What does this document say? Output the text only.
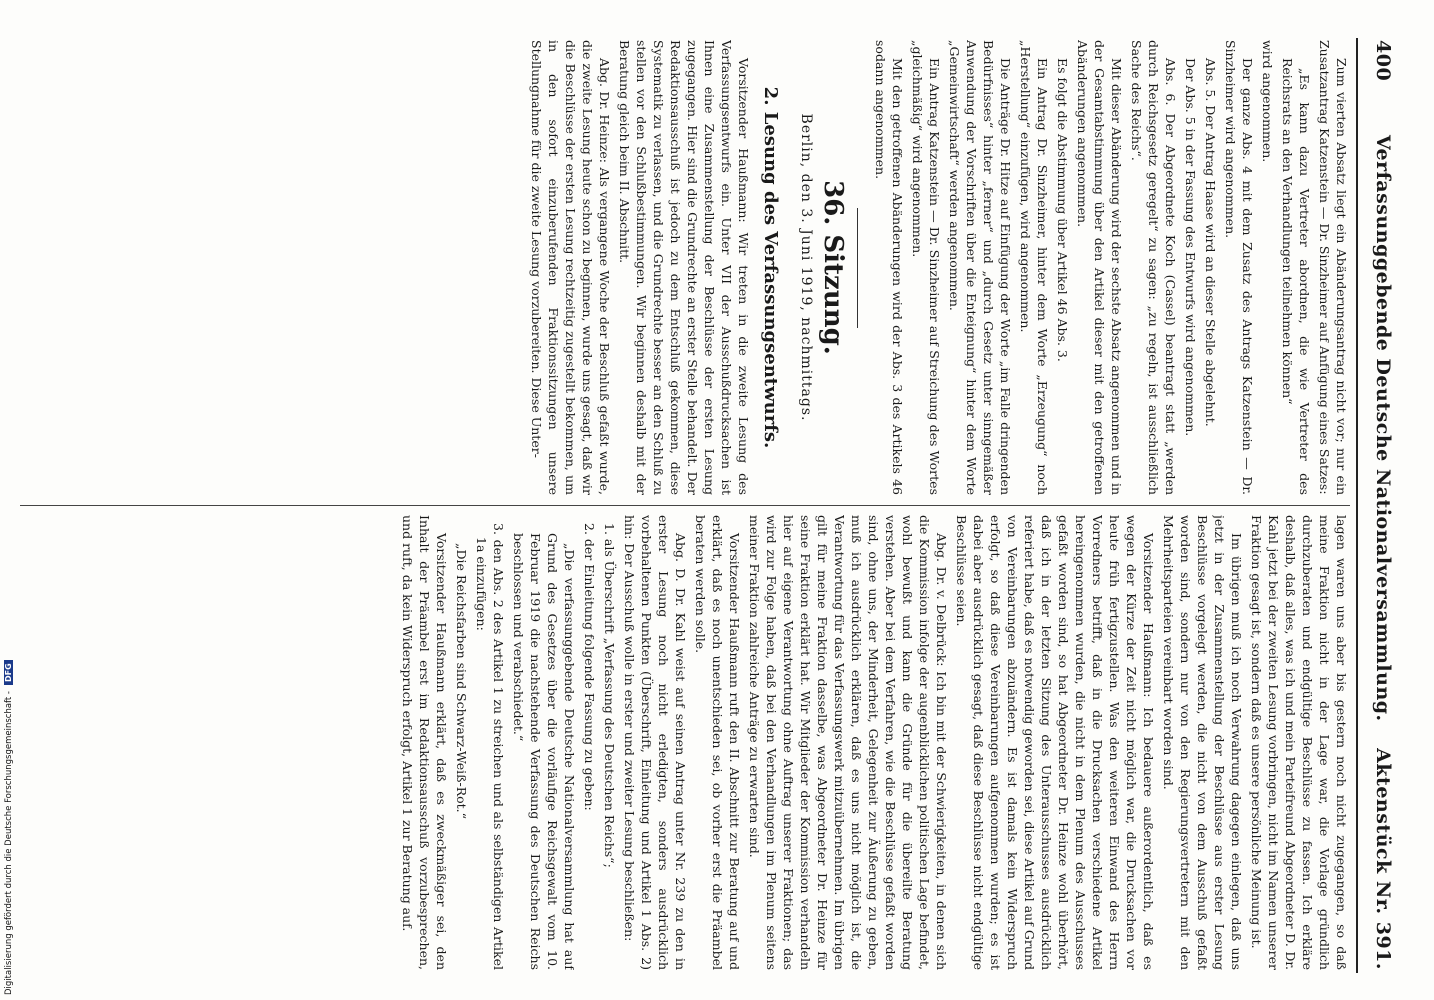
400
Verfassunggebende Deutsche Nationalversammlung.
Aktenstück Nr. 391.

Zum vierten Absatz liegt ein Abänderungsantrag nicht vor; nur ein Zusatzantrag Katzenstein — Dr. Sinzheimer auf Anfügung eines Satzes:

„Es kann dazu Vertreter abordnen, die wie Vertreter des Reichsrats an den Verhandlungen teilnehmen können“

wird angenommen.

Der ganze Abs. 4 mit dem Zusatz des Antrags Katzenstein — Dr. Sinzheimer wird angenommen.

Abs. 5. Der Antrag Haase wird an dieser Stelle abgelehnt.

Der Abs. 5 in der Fassung des Entwurfs wird angenommen.

Abs. 6. Der Abgeordnete Koch (Cassel) beantragt statt „werden durch Reichsgesetz geregelt“ zu sagen: „zu regeln, ist ausschließlich Sache des Reichs“.

Mit dieser Abänderung wird der sechste Absatz angenommen und in der Gesamtabstimmung über den Artikel dieser mit den getroffenen Abänderungen angenommen.

Es folgt die Abstimmung über Artikel 46 Abs. 3.

Ein Antrag Dr. Sinzheimer, hinter dem Worte „Erzeugung“ noch „Herstellung“ einzufügen, wird angenommen.

Die Anträge Dr. Hitze auf Einfügung der Worte „im Falle dringenden Bedürfnisses“ hinter „ferner“ und „durch Gesetz unter sinngemäßer Anwendung der Vorschriften über die Enteignung“ hinter dem Worte „Gemeinwirtschaft“ werden angenommen.

Ein Antrag Katzenstein — Dr. Sinzheimer auf Streichung des Wortes „gleichmäßig“ wird angenommen.

Mit den getroffenen Abänderungen wird der Abs. 3 des Artikels 46 sodann angenommen.

36. Sitzung.
Berlin, den 3. Juni 1919, nachmittags.
2. Lesung des Verfassungsentwurfs.

Vorsitzender Haußmann: Wir treten in die zweite Lesung des Verfassungsentwurfs ein. Unter VII der Ausschußdrucksachen ist Ihnen eine Zusammenstellung der Beschlüsse der ersten Lesung zugegangen. Hier sind die Grundrechte an erster Stelle behandelt. Der Redaktionsausschuß ist jedoch zu dem Entschluß gekommen, diese Systematik zu verlassen, und die Grundrechte besser an den Schluß zu stellen vor den Schlußbestimmungen. Wir beginnen deshalb mit der Beratung gleich beim II. Abschnitt.

Abg. Dr. Heinze: Als vergangene Woche der Beschluß gefaßt wurde, die zweite Lesung heute schon zu beginnen, wurde uns gesagt, daß wir die Beschlüsse der ersten Lesung rechtzeitig zugestellt bekommen, um in den sofort einzuberufenden Fraktionssitzungen unsere Stellungnahme für die zweite Lesung vorzubereiten. Diese Unter-

lagen waren uns aber bis gestern noch nicht zugegangen, so daß meine Fraktion nicht in der Lage war, die Vorlage gründlich durchzuberaten und endgültige Beschlüsse zu fassen. Ich erkläre deshalb, daß alles, was ich und mein Parteifreund Abgeordneter D. Dr. Kahl jetzt bei der zweiten Lesung vorbringen, nicht im Namen unserer Fraktion gesagt ist, sondern daß es unsere persönliche Meinung ist.

Im übrigen muß ich noch Verwahrung dagegen einlegen, daß uns jetzt in der Zusammenstellung der Beschlüsse aus erster Lesung Beschlüsse vorgelegt werden, die nicht von dem Ausschuß gefaßt worden sind, sondern nur von den Regierungsvertretern mit den Mehrheitsparteien vereinbart worden sind.

Vorsitzender Haußmann: Ich bedauere außerordentlich, daß es wegen der Kürze der Zeit nicht möglich war, die Drucksachen vor heute früh fertigzustellen. Was den weiteren Einwand des Herrn Vorredners betrifft, daß in die Drucksachen verschiedene Artikel hereingenommen wurden, die nicht in dem Plenum des Ausschusses gefaßt worden sind, so hat Abgeordneter Dr. Heinze wohl überhört, daß ich in der letzten Sitzung des Unterausschusses ausdrücklich referiert habe, daß es notwendig geworden sei, diese Artikel auf Grund von Vereinbarungen abzuändern. Es ist damals kein Widerspruch erfolgt, so daß diese Vereinbarungen aufgenommen wurden; es ist dabei aber ausdrücklich gesagt, daß diese Beschlüsse nicht endgültige Beschlüsse seien.

Abg. Dr. v. Delbrück: Ich bin mit der Schwierigkeiten, in denen sich die Kommission infolge der augenblicklichen politischen Lage befindet, wohl bewußt und kann die Gründe für die übereilte Beratung verstehen. Aber bei dem Verfahren, wie die Beschlüsse gefaßt worden sind, ohne uns, der Minderheit, Gelegenheit zur Äußerung zu geben, muß ich ausdrücklich erklären, daß es uns nicht möglich ist, die Verantwortung für das Verfassungswerk mitzuübernehmen. Im übrigen gilt für meine Fraktion dasselbe, was Abgeordneter Dr. Heinze für seine Fraktion erklärt hat. Wir Mitglieder der Kommission verhandeln hier auf eigene Verantwortung ohne Auftrag unserer Fraktionen; das wird zur Folge haben, daß bei den Verhandlungen im Plenum seitens meiner Fraktion zahlreiche Anträge zu erwarten sind.

Vorsitzender Haußmann ruft den II. Abschnitt zur Beratung auf und erklärt, daß es noch unentschieden sei, ob vorher erst die Präambel beraten werden solle.

Abg. D. Dr. Kahl weist auf seinen Antrag unter Nr. 239 zu den in erster Lesung noch nicht erledigten, sonders ausdrücklich vorbehaltenen Punkten (Überschrift, Einleitung und Artikel 1 Abs. 2) hin: Der Ausschuß wolle in erster und zweiter Lesung beschließen:

1. als Überschrift „Verfassung des Deutschen Reichs“;
2. der Einleitung folgende Fassung zu geben:

„Die verfassunggebende Deutsche Nationalversammlung hat auf Grund des Gesetzes über die vorläufige Reichsgewalt vom 10. Februar 1919 die nachstehende Verfassung des Deutschen Reichs beschlossen und verabschiedet.“

3. den Abs. 2 des Artikel 1 zu streichen und als selbständigen Artikel 1a einzufügen:

„Die Reichsfarben sind Schwarz-Weiß-Rot.“

Vorsitzender Haußmann erklärt, daß es zweckmäßiger sei, den Inhalt der Präambel erst im Redaktionsausschuß vorzubesprechen, und ruft, da kein Widerspruch erfolgt, Artikel 1 zur Beratung auf.

Digitalisierung gefördert durch die Deutsche Forschungsgemeinschaft -DFG
